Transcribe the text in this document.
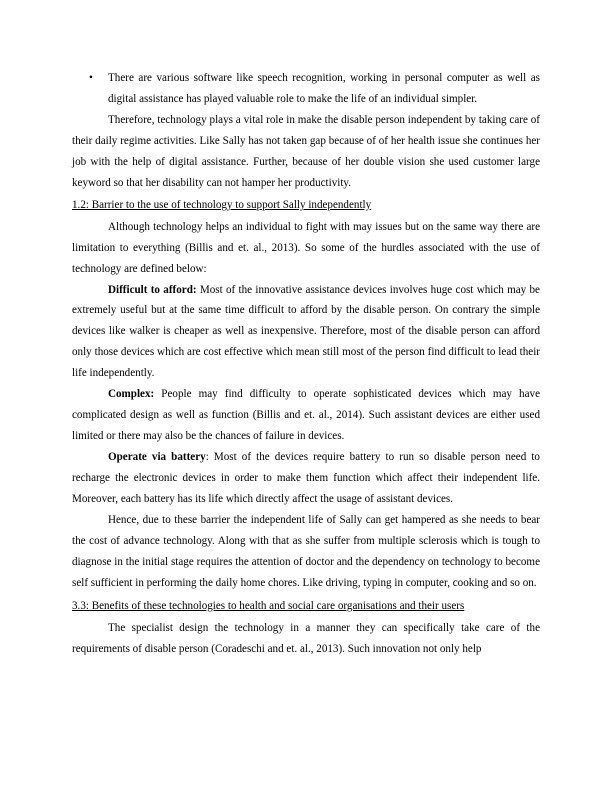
• There are various software like speech recognition, working in personal computer as well as digital assistance has played valuable role to make the life of an individual simpler.

Therefore, technology plays a vital role in make the disable person independent by taking care of their daily regime activities. Like Sally has not taken gap because of of her health issue she continues her job with the help of digital assistance. Further, because of her double vision she used customer large keyword so that her disability can not hamper her productivity.

1.2: Barrier to the use of technology to support Sally independently

Although technology helps an individual to fight with may issues but on the same way there are limitation to everything (Billis and et. al., 2013). So some of the hurdles associated with the use of technology are defined below:

Difficult to afford: Most of the innovative assistance devices involves huge cost which may be extremely useful but at the same time difficult to afford by the disable person. On contrary the simple devices like walker is cheaper as well as inexpensive. Therefore, most of the disable person can afford only those devices which are cost effective which mean still most of the person find difficult to lead their life independently.

Complex: People may find difficulty to operate sophisticated devices which may have complicated design as well as function (Billis and et. al., 2014). Such assistant devices are either used limited or there may also be the chances of failure in devices.

Operate via battery: Most of the devices require battery to run so disable person need to recharge the electronic devices in order to make them function which affect their independent life. Moreover, each battery has its life which directly affect the usage of assistant devices.

Hence, due to these barrier the independent life of Sally can get hampered as she needs to bear the cost of advance technology. Along with that as she suffer from multiple sclerosis which is tough to diagnose in the initial stage requires the attention of doctor and the dependency on technology to become self sufficient in performing the daily home chores. Like driving, typing in computer, cooking and so on.

3.3: Benefits of these technologies to health and social care organisations and their users

The specialist design the technology in a manner they can specifically take care of the requirements of disable person (Coradeschi and et. al., 2013). Such innovation not only help
